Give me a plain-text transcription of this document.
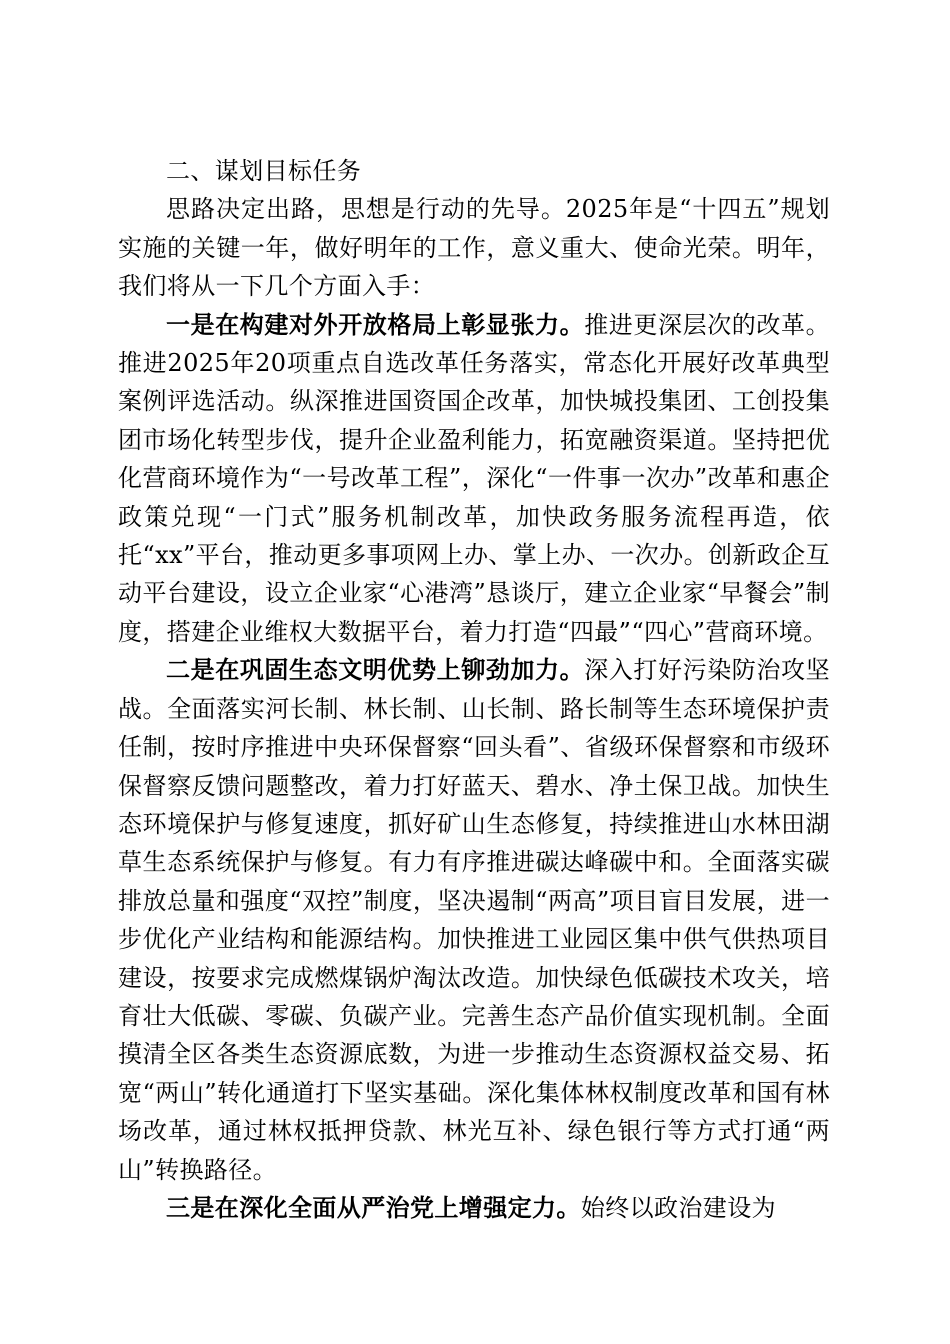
二、谋划目标任务

思路决定出路，思想是行动的先导。2025年是“十四五”规划实施的关键一年，做好明年的工作，意义重大、使命光荣。明年，我们将从一下几个方面入手：

一是在构建对外开放格局上彰显张力。推进更深层次的改革。推进2025年20项重点自选改革任务落实，常态化开展好改革典型案例评选活动。纵深推进国资国企改革，加快城投集团、工创投集团市场化转型步伐，提升企业盈利能力，拓宽融资渠道。坚持把优化营商环境作为“一号改革工程”，深化“一件事一次办”改革和惠企政策兑现“一门式”服务机制改革，加快政务服务流程再造，依托“xx”平台，推动更多事项网上办、掌上办、一次办。创新政企互动平台建设，设立企业家“心港湾”恳谈厅，建立企业家“早餐会”制度，搭建企业维权大数据平台，着力打造“四最”“四心”营商环境。

二是在巩固生态文明优势上铆劲加力。深入打好污染防治攻坚战。全面落实河长制、林长制、山长制、路长制等生态环境保护责任制，按时序推进中央环保督察“回头看”、省级环保督察和市级环保督察反馈问题整改，着力打好蓝天、碧水、净土保卫战。加快生态环境保护与修复速度，抓好矿山生态修复，持续推进山水林田湖草生态系统保护与修复。有力有序推进碳达峰碳中和。全面落实碳排放总量和强度“双控”制度，坚决遏制“两高”项目盲目发展，进一步优化产业结构和能源结构。加快推进工业园区集中供气供热项目建设，按要求完成燃煤锅炉淘汰改造。加快绿色低碳技术攻关，培育壮大低碳、零碳、负碳产业。完善生态产品价值实现机制。全面摸清全区各类生态资源底数，为进一步推动生态资源权益交易、拓宽“两山”转化通道打下坚实基础。深化集体林权制度改革和国有林场改革，通过林权抵押贷款、林光互补、绿色银行等方式打通“两山”转换路径。

三是在深化全面从严治党上增强定力。始终以政治建设为
